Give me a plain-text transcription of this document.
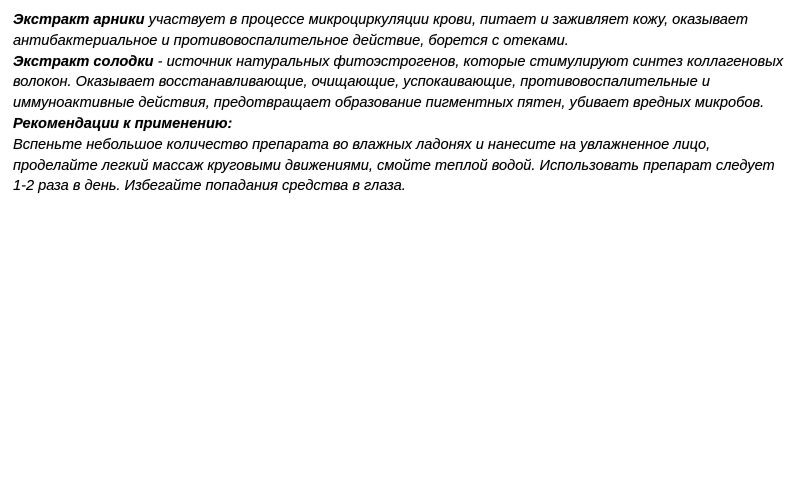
Экстракт арники участвует в процессе микроциркуляции крови, питает и заживляет кожу, оказывает антибактериальное и противовоспалительное действие, борется с отеками.

Экстракт солодки - источник натуральных фитоэстрогенов, которые стимулируют синтез коллагеновых волокон. Оказывает восстанавливающие, очищающие, успокаивающие, противовоспалительные и иммуноактивные действия, предотвращает образование пигментных пятен, убивает вредных микробов.

Рекомендации к применению:

Вспеньте небольшое количество препарата во влажных ладонях и нанесите на увлажненное лицо, проделайте легкий массаж круговыми движениями, смойте теплой водой. Использовать препарат следует 1-2 раза в день. Избегайте попадания средства в глаза.
